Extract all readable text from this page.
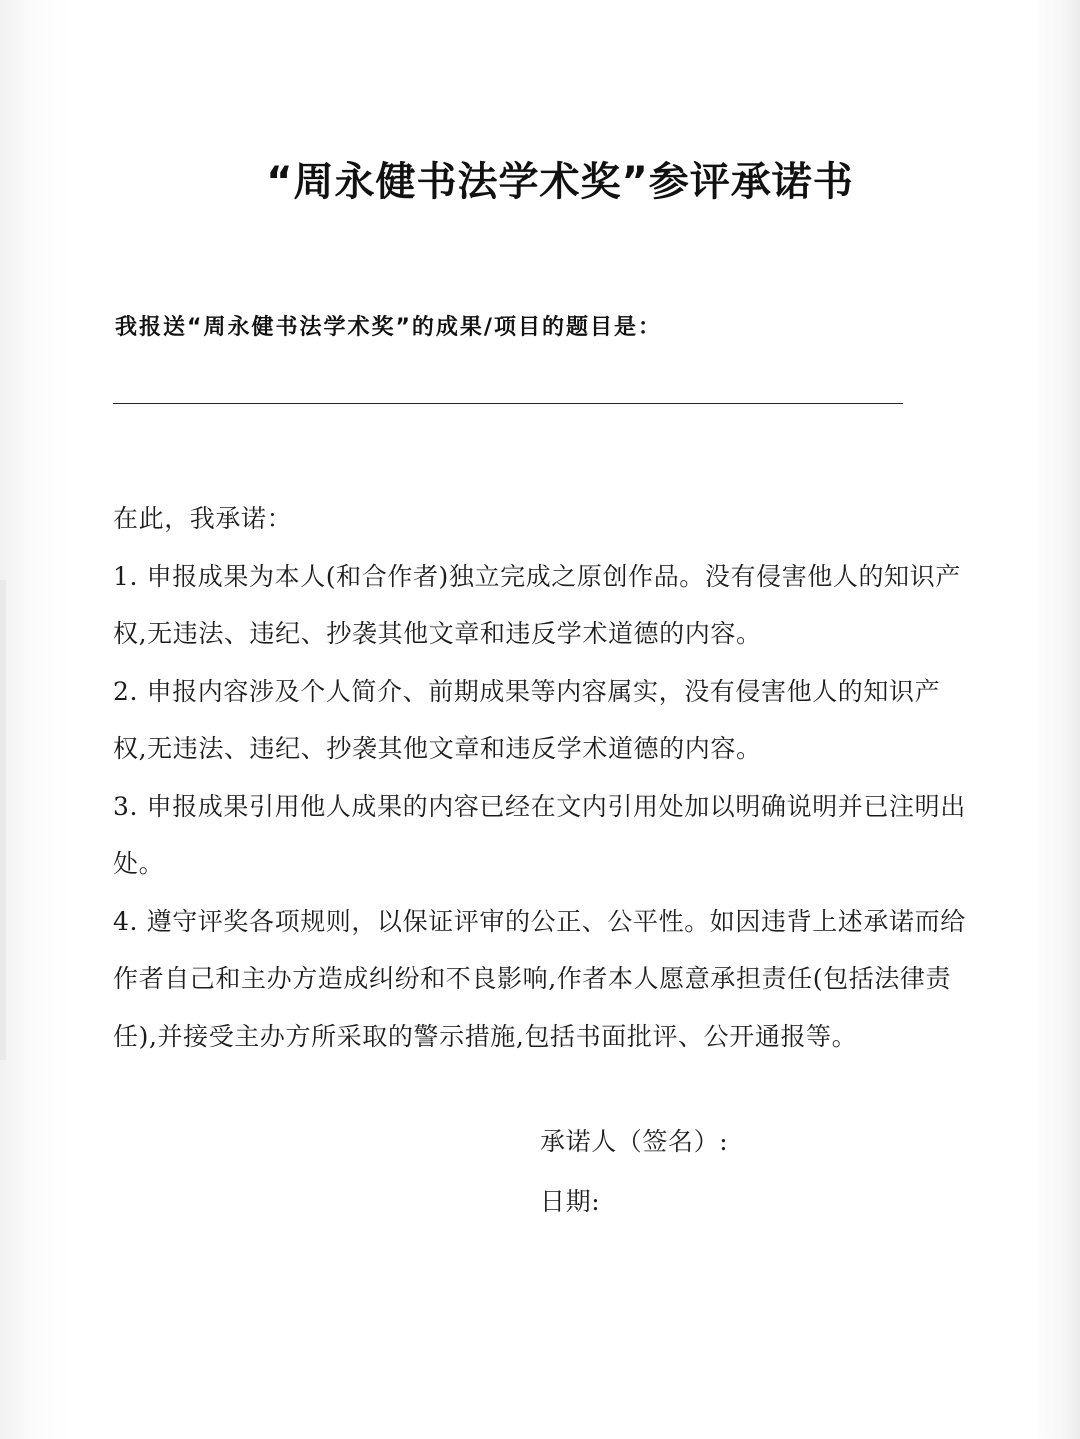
“周永健书法学术奖”参评承诺书
我报送“周永健书法学术奖”的成果/项目的题目是：

在此，我承诺：

1. 申报成果为本人(和合作者)独立完成之原创作品。没有侵害他人的知识产权,无违法、违纪、抄袭其他文章和违反学术道德的内容。

2. 申报内容涉及个人简介、前期成果等内容属实，没有侵害他人的知识产权,无违法、违纪、抄袭其他文章和违反学术道德的内容。

3. 申报成果引用他人成果的内容已经在文内引用处加以明确说明并已注明出处。

4. 遵守评奖各项规则，以保证评审的公正、公平性。如因违背上述承诺而给作者自己和主办方造成纠纷和不良影响,作者本人愿意承担责任(包括法律责任),并接受主办方所采取的警示措施,包括书面批评、公开通报等。

承诺人（签名）:
日期:
